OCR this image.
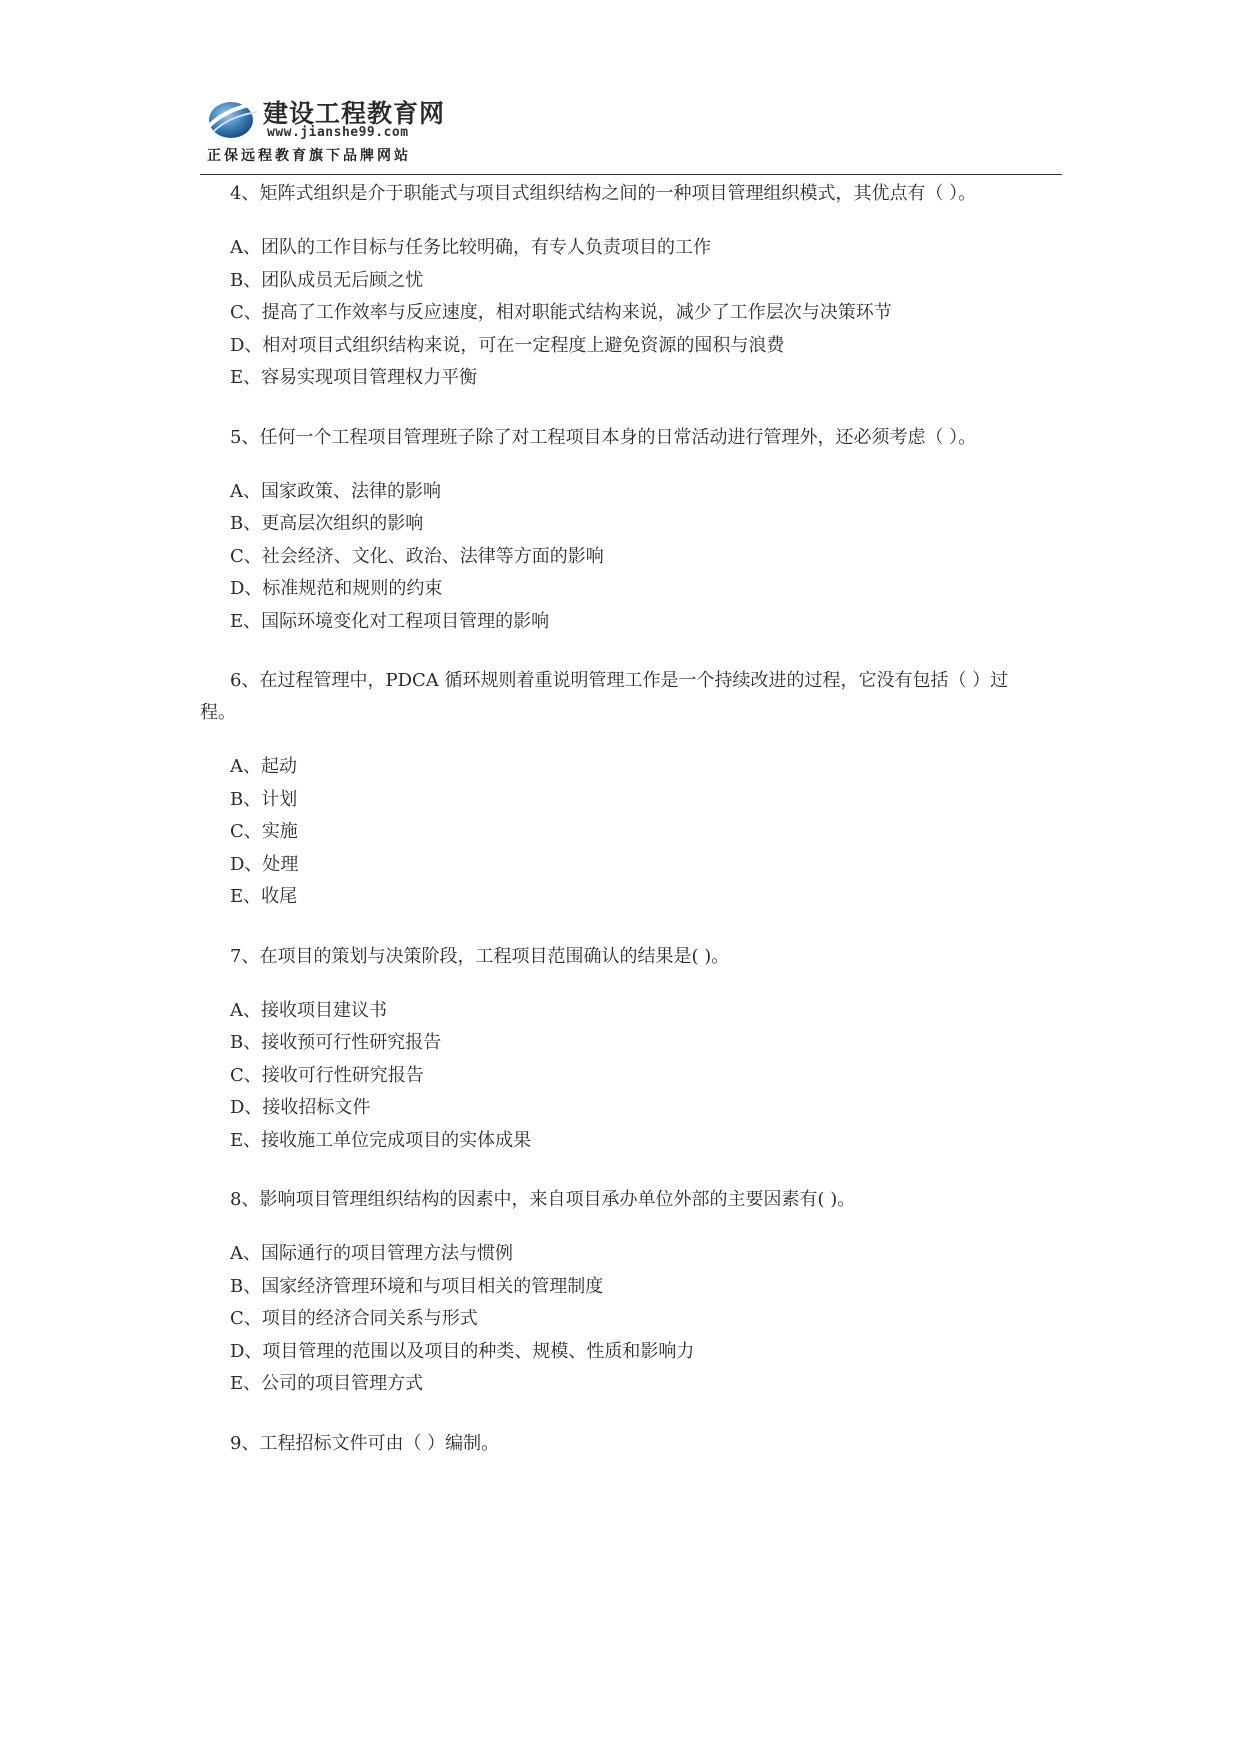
建设工程教育网
www.jianshe99.com
正保远程教育旗下品牌网站

4、矩阵式组织是介于职能式与项目式组织结构之间的一种项目管理组织模式，其优点有（ ）。

A、团队的工作目标与任务比较明确，有专人负责项目的工作
B、团队成员无后顾之忧
C、提高了工作效率与反应速度，相对职能式结构来说，减少了工作层次与决策环节
D、相对项目式组织结构来说，可在一定程度上避免资源的囤积与浪费
E、容易实现项目管理权力平衡

5、任何一个工程项目管理班子除了对工程项目本身的日常活动进行管理外，还必须考虑（ ）。

A、国家政策、法律的影响
B、更高层次组织的影响
C、社会经济、文化、政治、法律等方面的影响
D、标准规范和规则的约束
E、国际环境变化对工程项目管理的影响

6、在过程管理中，PDCA 循环规则着重说明管理工作是一个持续改进的过程，它没有包括（ ）过程。

A、起动
B、计划
C、实施
D、处理
E、收尾

7、在项目的策划与决策阶段，工程项目范围确认的结果是( )。

A、接收项目建议书
B、接收预可行性研究报告
C、接收可行性研究报告
D、接收招标文件
E、接收施工单位完成项目的实体成果

8、影响项目管理组织结构的因素中，来自项目承办单位外部的主要因素有( )。

A、国际通行的项目管理方法与惯例
B、国家经济管理环境和与项目相关的管理制度
C、项目的经济合同关系与形式
D、项目管理的范围以及项目的种类、规模、性质和影响力
E、公司的项目管理方式

9、工程招标文件可由（ ）编制。
